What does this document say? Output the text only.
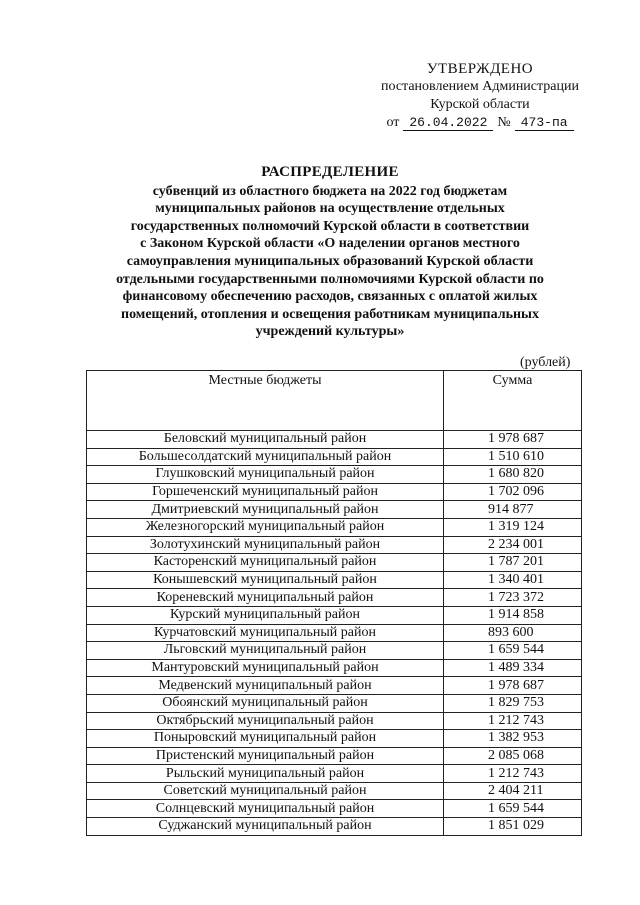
УТВЕРЖДЕНО
постановлением Администрации
Курской области
от 26.04.2022 № 473-па
РАСПРЕДЕЛЕНИЕ
субвенций из областного бюджета на 2022 год бюджетам
муниципальных районов на осуществление отдельных
государственных полномочий Курской области в соответствии
с Законом Курской области «О наделении органов местного
самоуправления муниципальных образований Курской области
отдельными государственными полномочиями Курской области по
финансовому обеспечению расходов, связанных с оплатой жилых
помещений, отопления и освещения работникам муниципальных
учреждений культуры»
(рублей)
Местные бюджеты	Сумма
Беловский муниципальный район	1 978 687
Большесолдатский муниципальный район	1 510 610
Глушковский муниципальный район	1 680 820
Горшеченский муниципальный район	1 702 096
Дмитриевский муниципальный район	914 877
Железногорский муниципальный район	1 319 124
Золотухинский муниципальный район	2 234 001
Касторенский муниципальный район	1 787 201
Конышевский муниципальный район	1 340 401
Кореневский муниципальный район	1 723 372
Курский муниципальный район	1 914 858
Курчатовский муниципальный район	893 600
Льговский муниципальный район	1 659 544
Мантуровский муниципальный район	1 489 334
Медвенский муниципальный район	1 978 687
Обоянский муниципальный район	1 829 753
Октябрьский муниципальный район	1 212 743
Поныровский муниципальный район	1 382 953
Пристенский муниципальный район	2 085 068
Рыльский муниципальный район	1 212 743
Советский муниципальный район	2 404 211
Солнцевский муниципальный район	1 659 544
Суджанский муниципальный район	1 851 029
